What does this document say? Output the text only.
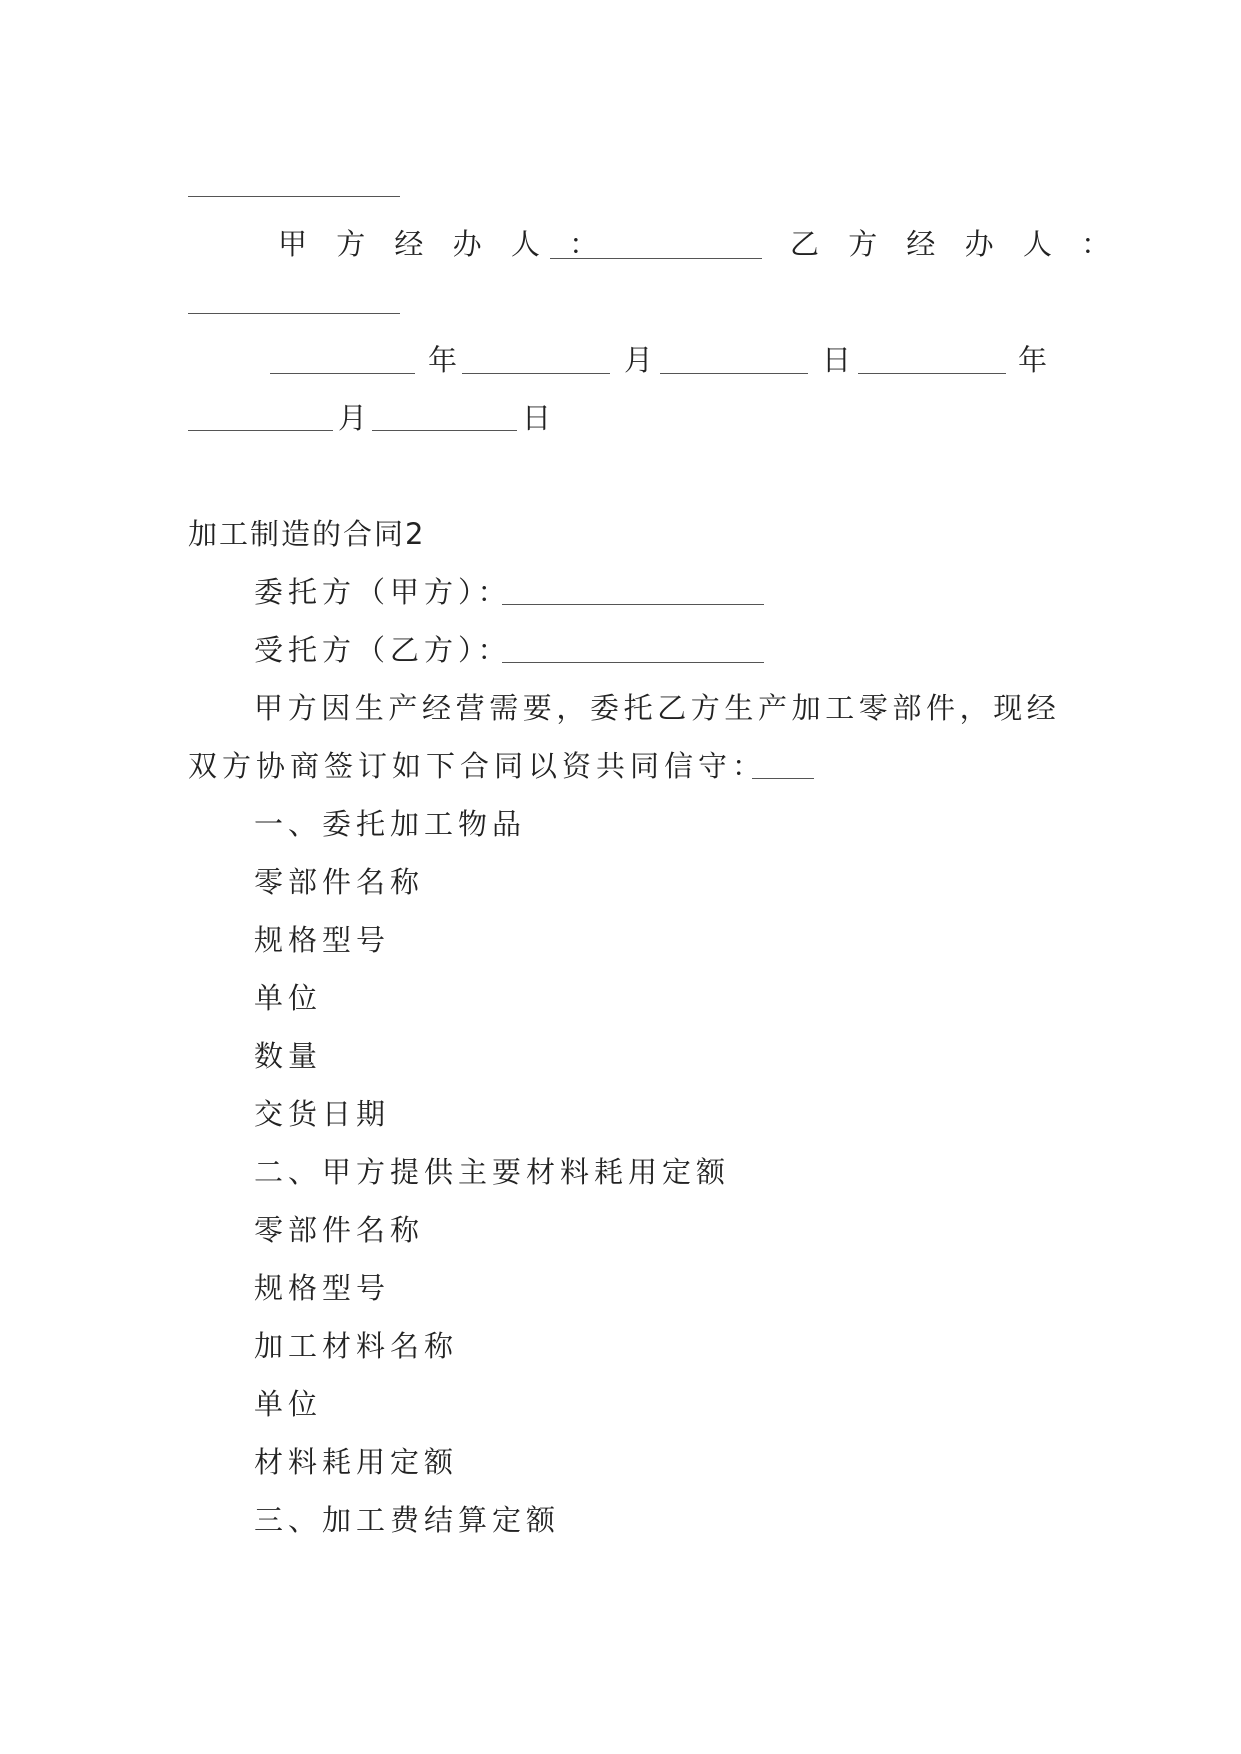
甲 方 经 办 人 ：	乙 方 经 办 人 ：
年	月	日	年
月	日
加工制造的合同2
委托方（甲方）：
受托方（乙方）：
甲方因生产经营需要，委托乙方生产加工零部件，现经
双方协商签订如下合同以资共同信守：
一、委托加工物品
零部件名称
规格型号
单位
数量
交货日期
二、甲方提供主要材料耗用定额
零部件名称
规格型号
加工材料名称
单位
材料耗用定额
三、加工费结算定额
